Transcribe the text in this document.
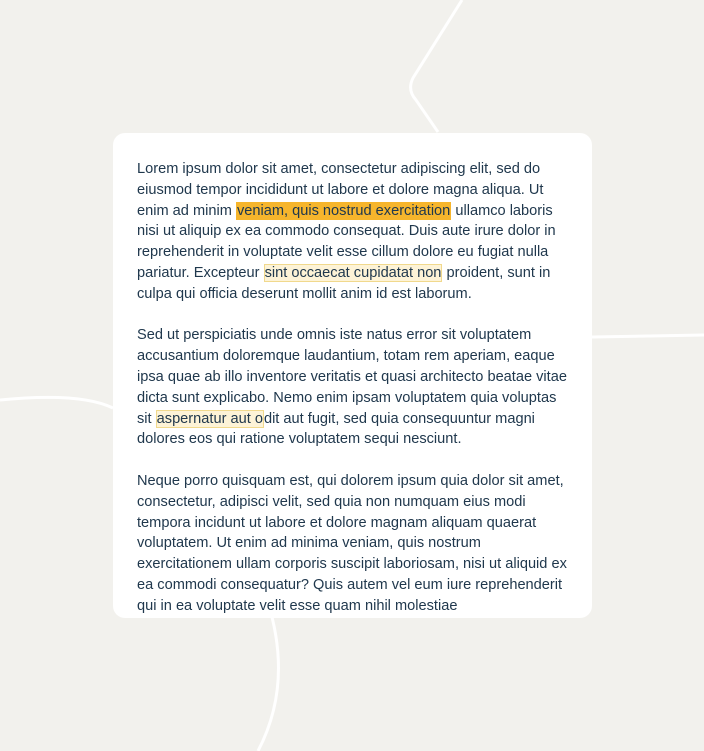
Lorem ipsum dolor sit amet, consectetur adipiscing elit, sed do eiusmod tempor incididunt ut labore et dolore magna aliqua. Ut enim ad minim veniam, quis nostrud exercitation ullamco laboris nisi ut aliquip ex ea commodo consequat. Duis aute irure dolor in reprehenderit in voluptate velit esse cillum dolore eu fugiat nulla pariatur. Excepteur sint occaecat cupidatat non proident, sunt in culpa qui officia deserunt mollit anim id est laborum.

Sed ut perspiciatis unde omnis iste natus error sit voluptatem accusantium doloremque laudantium, totam rem aperiam, eaque ipsa quae ab illo inventore veritatis et quasi architecto beatae vitae dicta sunt explicabo. Nemo enim ipsam voluptatem quia voluptas sit aspernatur aut odit aut fugit, sed quia consequuntur magni dolores eos qui ratione voluptatem sequi nesciunt.

Neque porro quisquam est, qui dolorem ipsum quia dolor sit amet, consectetur, adipisci velit, sed quia non numquam eius modi tempora incidunt ut labore et dolore magnam aliquam quaerat voluptatem. Ut enim ad minima veniam, quis nostrum exercitationem ullam corporis suscipit laboriosam, nisi ut aliquid ex ea commodi consequatur? Quis autem vel eum iure reprehenderit qui in ea voluptate velit esse quam nihil molestiae
